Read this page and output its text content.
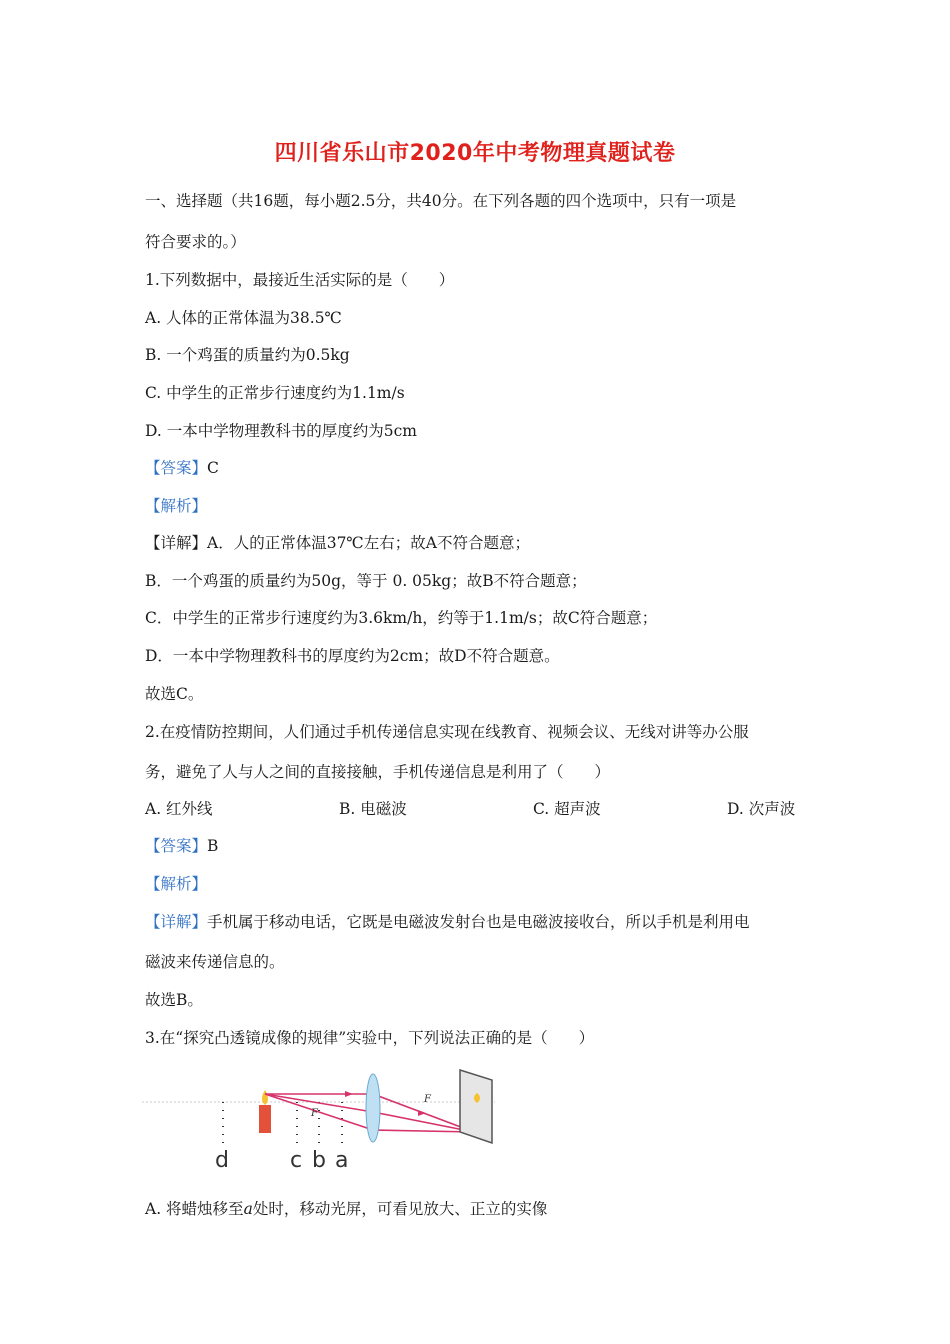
四川省乐山市2020年中考物理真题试卷
一、选择题（共16题，每小题2.5分，共40分。在下列各题的四个选项中，只有一项是
符合要求的。）
1.下列数据中，最接近生活实际的是（　　）
A. 人体的正常体温为38.5℃
B. 一个鸡蛋的质量约为0.5kg
C. 中学生的正常步行速度约为1.1m/s
D. 一本中学物理教科书的厚度约为5cm
【答案】C
【解析】
【详解】A．人的正常体温37℃左右；故A不符合题意；
B．一个鸡蛋的质量约为50g，等于 0. 05kg；故B不符合题意；
C．中学生的正常步行速度约为3.6km/h，约等于1.1m/s；故C符合题意；
D．一本中学物理教科书的厚度约为2cm；故D不符合题意。
故选C。
2.在疫情防控期间，人们通过手机传递信息实现在线教育、视频会议、无线对讲等办公服
务，避免了人与人之间的直接接触，手机传递信息是利用了（　　）
A. 红外线	B. 电磁波	C. 超声波	D. 次声波
【答案】B
【解析】
【详解】手机属于移动电话，它既是电磁波发射台也是电磁波接收台，所以手机是利用电
磁波来传递信息的。
故选B。
3.在“探究凸透镜成像的规律”实验中，下列说法正确的是（　　）
F
F
d	c b a
A. 将蜡烛移至a处时，移动光屏，可看见放大、正立的实像
